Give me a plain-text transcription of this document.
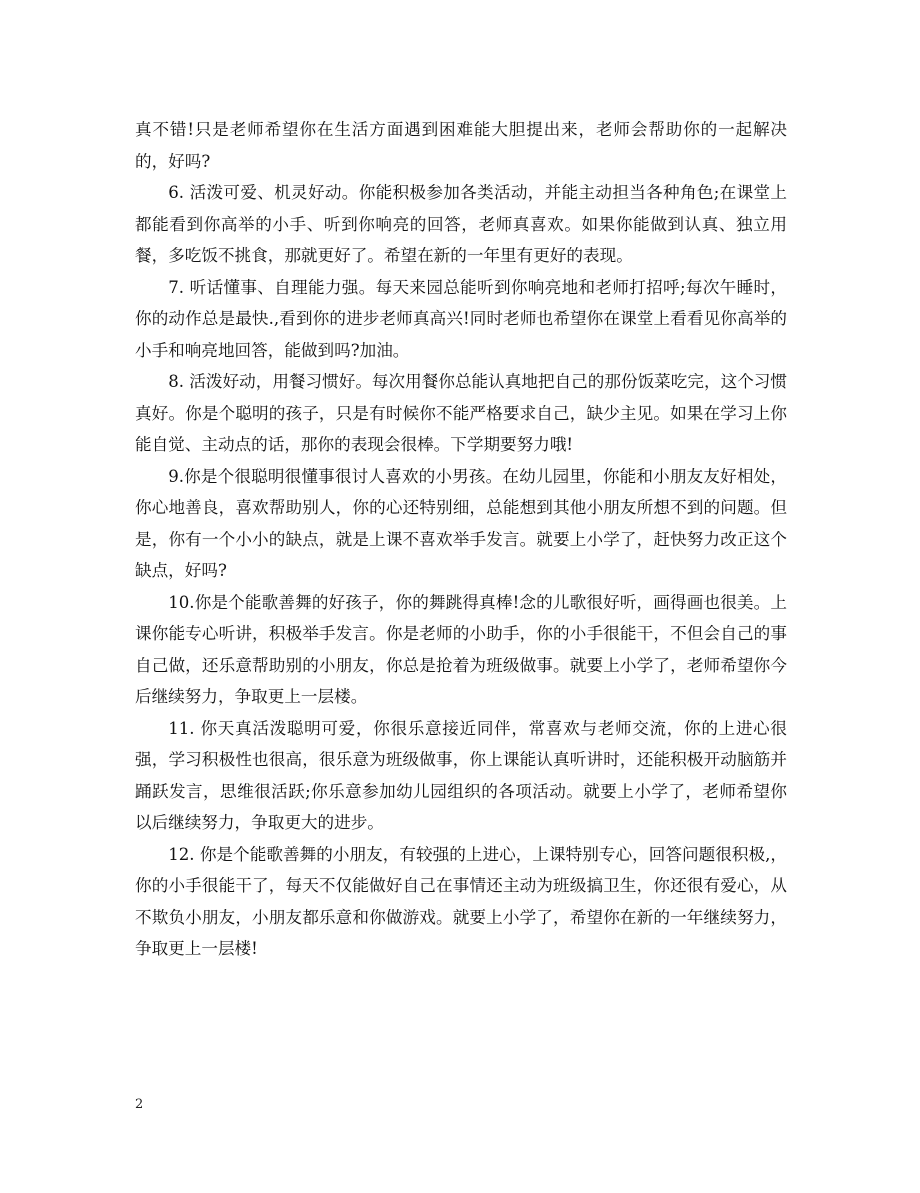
真不错!只是老师希望你在生活方面遇到困难能大胆提出来，老师会帮助你的一起解决的，好吗?

6. 活泼可爱、机灵好动。你能积极参加各类活动，并能主动担当各种角色;在课堂上都能看到你高举的小手、听到你响亮的回答，老师真喜欢。如果你能做到认真、独立用餐，多吃饭不挑食，那就更好了。希望在新的一年里有更好的表现。

7. 听话懂事、自理能力强。每天来园总能听到你响亮地和老师打招呼;每次午睡时，你的动作总是最快.,看到你的进步老师真高兴!同时老师也希望你在课堂上看看见你高举的小手和响亮地回答，能做到吗?加油。

8. 活泼好动，用餐习惯好。每次用餐你总能认真地把自己的那份饭菜吃完，这个习惯真好。你是个聪明的孩子，只是有时候你不能严格要求自己，缺少主见。如果在学习上你能自觉、主动点的话，那你的表现会很棒。下学期要努力哦!

9.你是个很聪明很懂事很讨人喜欢的小男孩。在幼儿园里，你能和小朋友友好相处，你心地善良，喜欢帮助别人，你的心还特别细，总能想到其他小朋友所想不到的问题。但是，你有一个小小的缺点，就是上课不喜欢举手发言。就要上小学了，赶快努力改正这个缺点，好吗?

10.你是个能歌善舞的好孩子，你的舞跳得真棒!念的儿歌很好听，画得画也很美。上课你能专心听讲，积极举手发言。你是老师的小助手，你的小手很能干，不但会自己的事自己做，还乐意帮助别的小朋友，你总是抢着为班级做事。就要上小学了，老师希望你今后继续努力，争取更上一层楼。

11. 你天真活泼聪明可爱，你很乐意接近同伴，常喜欢与老师交流，你的上进心很强，学习积极性也很高，很乐意为班级做事，你上课能认真听讲时，还能积极开动脑筋并踊跃发言，思维很活跃;你乐意参加幼儿园组织的各项活动。就要上小学了，老师希望你以后继续努力，争取更大的进步。

12. 你是个能歌善舞的小朋友，有较强的上进心，上课特别专心，回答问题很积极,，你的小手很能干了，每天不仅能做好自己在事情还主动为班级搞卫生，你还很有爱心，从不欺负小朋友，小朋友都乐意和你做游戏。就要上小学了，希望你在新的一年继续努力，争取更上一层楼!

2
